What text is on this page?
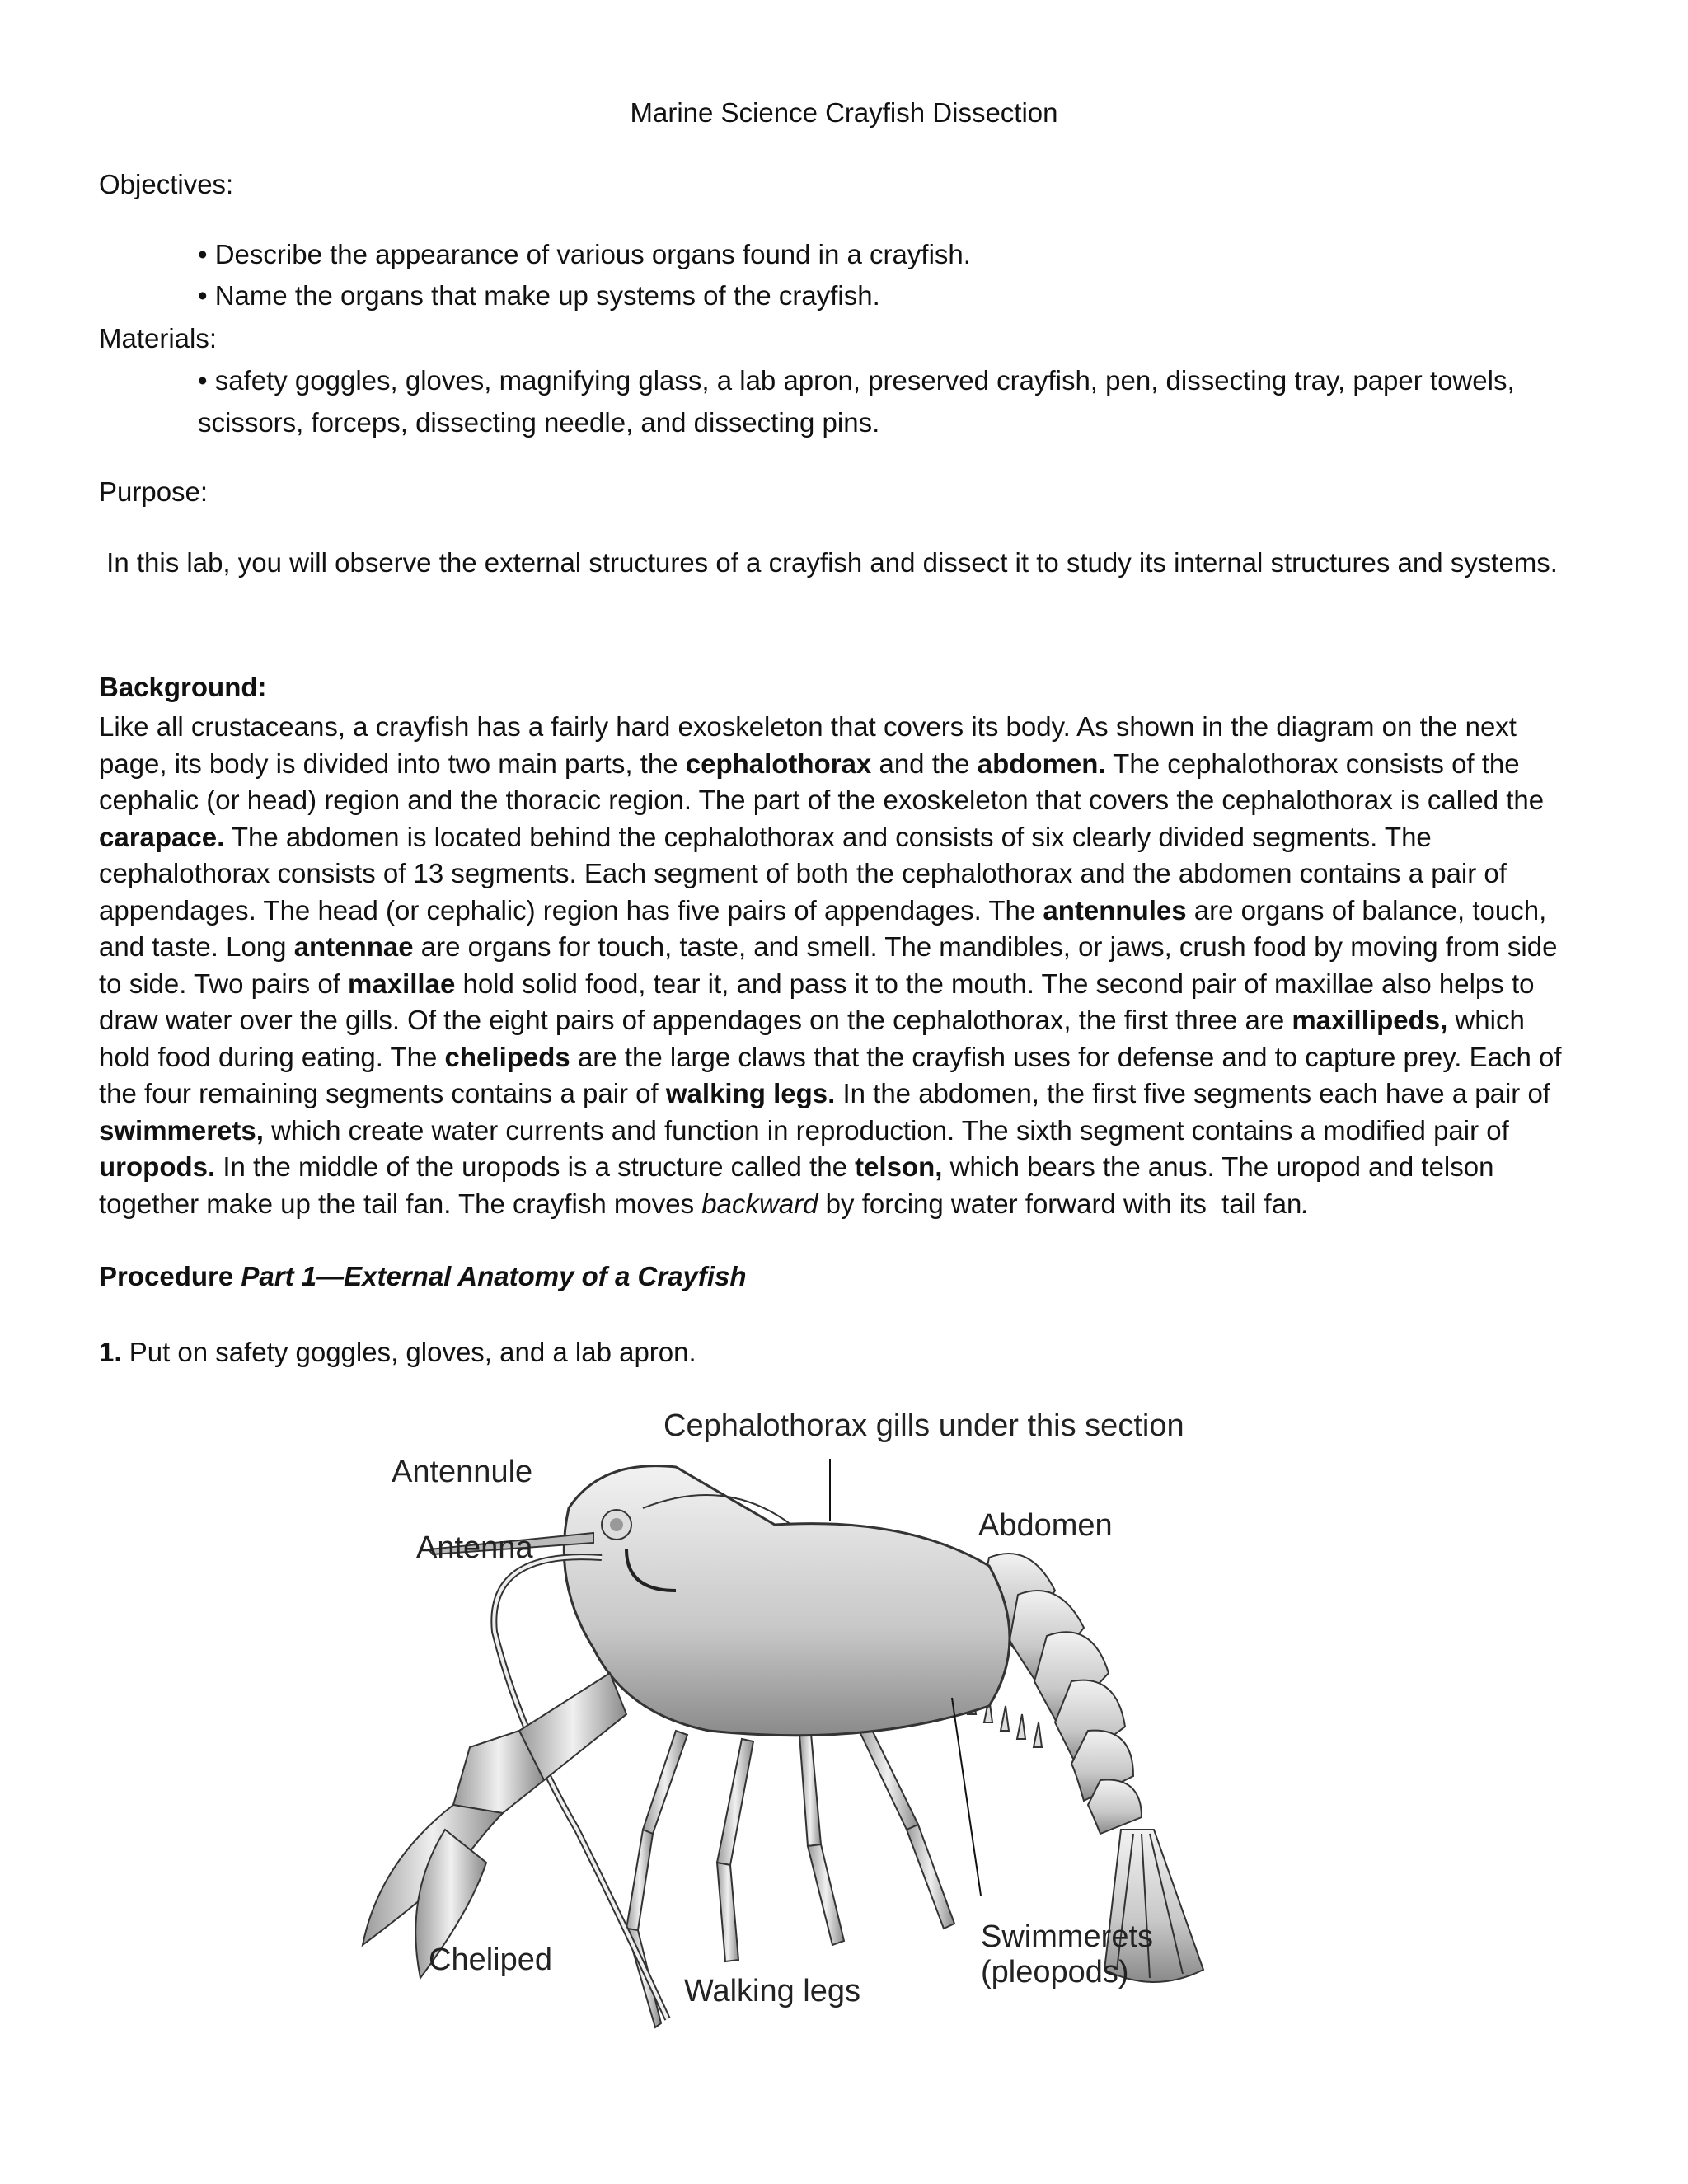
Marine Science Crayfish Dissection
Objectives:
• Describe the appearance of various organs found in a crayfish.
• Name the organs that make up systems of the crayfish.
Materials:
• safety goggles, gloves, magnifying glass, a lab apron, preserved crayfish, pen, dissecting tray, paper towels,
scissors, forceps, dissecting needle, and dissecting pins.
Purpose:
In this lab, you will observe the external structures of a crayfish and dissect it to study its internal structures and systems.
Background:
Like all crustaceans, a crayfish has a fairly hard exoskeleton that covers its body. As shown in the diagram on the next
page, its body is divided into two main parts, the cephalothorax and the abdomen. The cephalothorax consists of the
cephalic (or head) region and the thoracic region. The part of the exoskeleton that covers the cephalothorax is called the
carapace. The abdomen is located behind the cephalothorax and consists of six clearly divided segments. The
cephalothorax consists of 13 segments. Each segment of both the cephalothorax and the abdomen contains a pair of
appendages. The head (or cephalic) region has five pairs of appendages. The antennules are organs of balance, touch,
and taste. Long antennae are organs for touch, taste, and smell. The mandibles, or jaws, crush food by moving from side
to side. Two pairs of maxillae hold solid food, tear it, and pass it to the mouth. The second pair of maxillae also helps to
draw water over the gills. Of the eight pairs of appendages on the cephalothorax, the first three are maxillipeds, which
hold food during eating. The chelipeds are the large claws that the crayfish uses for defense and to capture prey. Each of
the four remaining segments contains a pair of walking legs. In the abdomen, the first five segments each have a pair of
swimmerets, which create water currents and function in reproduction. The sixth segment contains a modified pair of
uropods. In the middle of the uropods is a structure called the telson, which bears the anus. The uropod and telson
together make up the tail fan. The crayfish moves backward by forcing water forward with its  tail fan.
Procedure Part 1—External Anatomy of a Crayfish
1. Put on safety goggles, gloves, and a lab apron.
Cephalothorax gills under this section
Antennule
Antenna
Abdomen
Cheliped
Walking legs
Swimmerets
(pleopods)
